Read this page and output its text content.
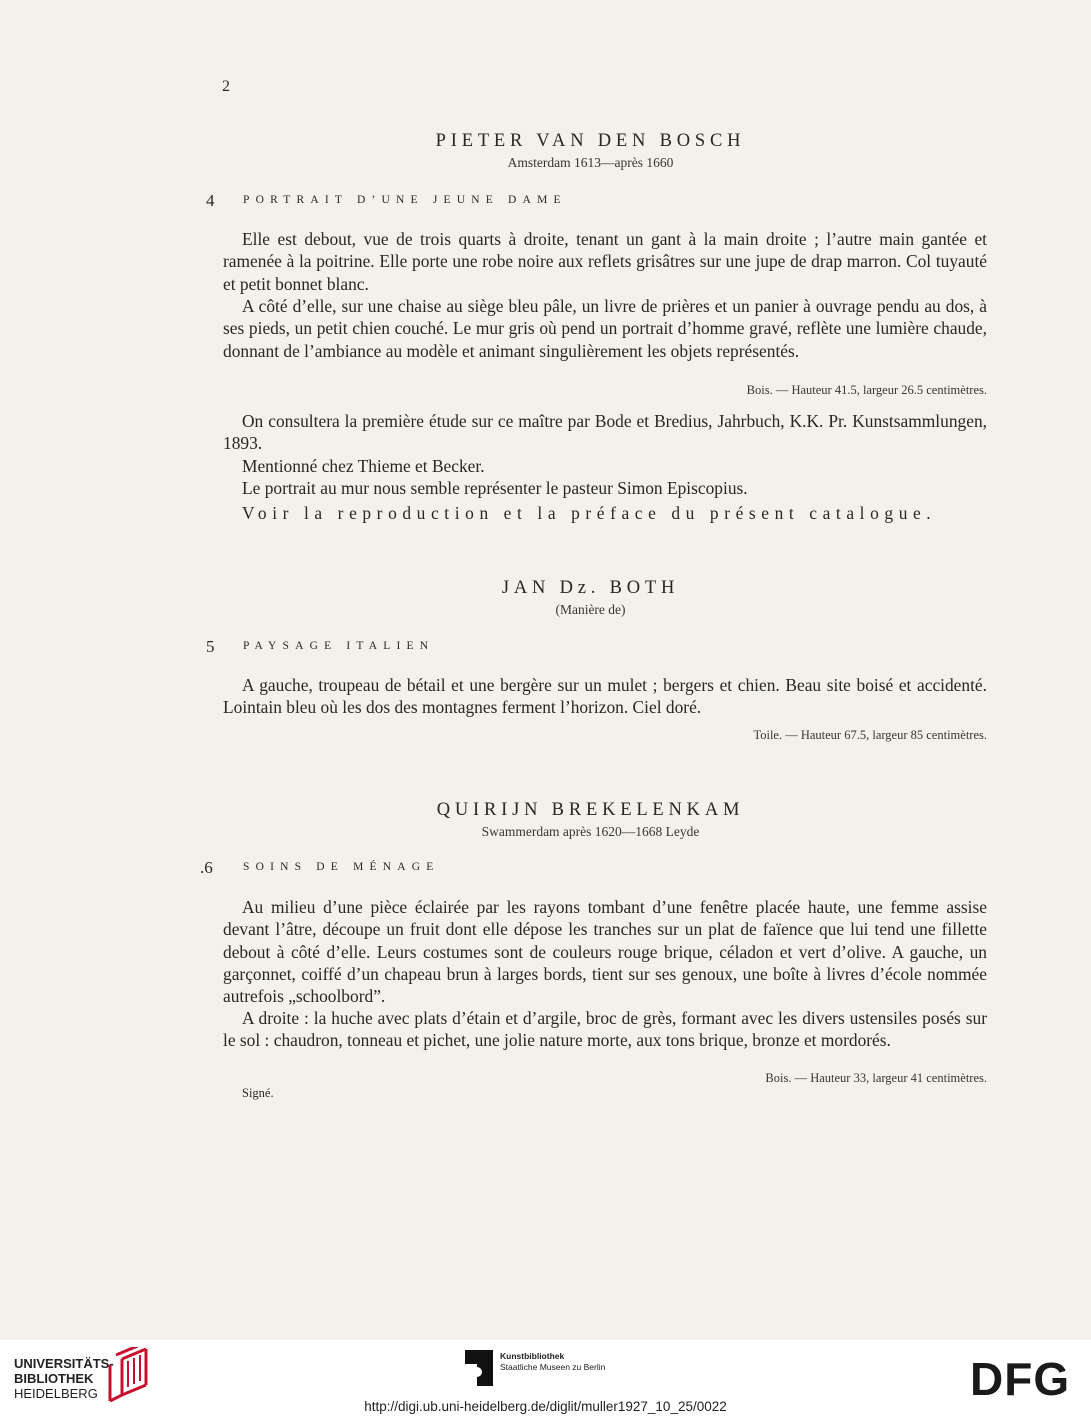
2
PIETER VAN DEN BOSCH
Amsterdam 1613—après 1660
4 PORTRAIT D’UNE JEUNE DAME

Elle est debout, vue de trois quarts à droite, tenant un gant à la main droite ; l’autre main gantée et ramenée à la poitrine. Elle porte une robe noire aux reflets grisâtres sur une jupe de drap marron. Col tuyauté et petit bonnet blanc.

A côté d’elle, sur une chaise au siège bleu pâle, un livre de prières et un panier à ouvrage pendu au dos, à ses pieds, un petit chien couché. Le mur gris où pend un portrait d’homme gravé, reflète une lumière chaude, donnant de l’ambiance au modèle et animant singulièrement les objets représentés.

Bois. — Hauteur 41.5, largeur 26.5 centimètres.

On consultera la première étude sur ce maître par Bode et Bredius, Jahrbuch, K.K. Pr. Kunstsammlungen, 1893.

Mentionné chez Thieme et Becker.

Le portrait au mur nous semble représenter le pasteur Simon Episcopius.

Voir la reproduction et la préface du présent catalogue.

JAN Dz. BOTH
(Manière de)
5 PAYSAGE ITALIEN

A gauche, troupeau de bétail et une bergère sur un mulet ; bergers et chien. Beau site boisé et accidenté. Lointain bleu où les dos des montagnes ferment l’horizon. Ciel doré.

Toile. — Hauteur 67.5, largeur 85 centimètres.
QUIRIJN BREKELENKAM
Swammerdam après 1620—1668 Leyde
.6	SOINS DE MÉNAGE

Au milieu d’une pièce éclairée par les rayons tombant d’une fenêtre placée haute, une femme assise devant l’âtre, découpe un fruit dont elle dépose les tranches sur un plat de faïence que lui tend une fillette debout à côté d’elle. Leurs costumes sont de couleurs rouge brique, céladon et vert d’olive. A gauche, un garçonnet, coiffé d’un chapeau brun à larges bords, tient sur ses genoux, une boîte à livres d’école nommée autrefois „schoolbord”.

A droite : la huche avec plats d’étain et d’argile, broc de grès, formant avec les divers ustensiles posés sur le sol : chaudron, tonneau et pichet, une jolie nature morte, aux tons brique, bronze et mordorés.

Bois. — Hauteur 33, largeur 41 centimètres.
Signé.
UNIVERSITÄTS-
BIBLIOTHEK
HEIDELBERG
Kunstbibliothek
Staatliche Museen zu Berlin	DFG
http://digi.ub.uni-heidelberg.de/diglit/muller1927_10_25/0022
